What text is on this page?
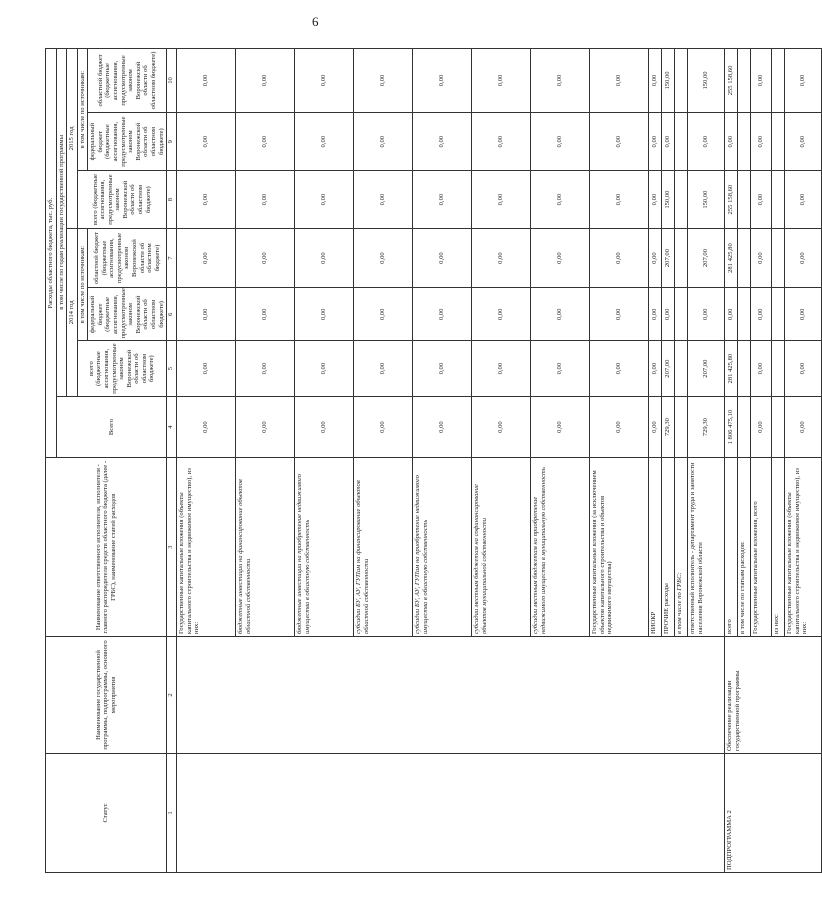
6
Статус	Наименование государственной программы, подпрограммы, основного мероприятия	Наименование ответственного исполнителя, исполнителя - главного распорядителя средств областного бюджета (далее - ГРБС), наименование статей расходов	Расходы областного бюджета, тыс. руб.						
			Всего	в том числе по годам реализации государственной программы					
				2014 год			2015 год		
				всего (бюджетные ассигнования, предусмотренные законом Воронежской области об областном бюджете)	в том числе по источникам:		всего (бюджетные ассигнования, предусмотренные законом Воронежской области об областном бюджете)	в том числе по источникам:	
					федеральный бюджет (бюджетные ассигнования, предусмотренные законом Воронежской области об областном бюджете)	областной бюджет (бюджетные ассигнования, предусмотренные законом Воронежской области об областном бюджете)		федеральный бюджет (бюджетные ассигнования, предусмотренные законом Воронежской области об областном бюджете)	областной бюджет (бюджетные ассигнования, предусмотренные законом Воронежской области об областном бюджете)

1	2	3	4	5	6	7	8	9	10
		Государственные капитальные вложения (объекты капитального строительства и недвижимое имущество), из них:	0,00	0,00	0,00	0,00	0,00	0,00	0,00
		бюджетные инвестиции на финансирование объектов областной собственности	0,00	0,00	0,00	0,00	0,00	0,00	0,00
		бюджетные инвестиции на приобретение недвижимого имущества в областную собственность	0,00	0,00	0,00	0,00	0,00	0,00	0,00
		субсидии БУ, АУ, ГУПам на финансирование объектов областной собственности	0,00	0,00	0,00	0,00	0,00	0,00	0,00
		субсидии БУ, АУ, ГУПам на приобретение недвижимого имущества в областную собственность	0,00	0,00	0,00	0,00	0,00	0,00	0,00
		субсидии местным бюджетам на софинансирование объектов муниципальной собственности	0,00	0,00	0,00	0,00	0,00	0,00	0,00
		субсидии местным бюджетам на приобретение недвижимого имущества в муниципальную собственность	0,00	0,00	0,00	0,00	0,00	0,00	0,00
		Государственные капитальные вложения (за исключением объектов капитального строительства и объектов недвижимого имущества)	0,00	0,00	0,00	0,00	0,00	0,00	0,00
		НИОКР	0,00	0,00	0,00	0,00	0,00	0,00	0,00
		ПРОЧИЕ расходы	729,30	207,00	0,00	207,00	150,00	0,00	150,00
		в том числе по ГРБС:							
		ответственный исполнитель - департамент труда и занятости населения Воронежской области	729,30	207,00	0,00	207,00	150,00	0,00	150,00
ПОДПРОГРАММА 2	Обеспечение реализации государственной программы	всего	1 806 475,10	281 425,80	0,00	281 425,80	255 158,60	0,00	255 158,60
		в том числе по статьям расходов:							
		Государственные капитальные вложения, всего	0,00	0,00	0,00	0,00	0,00	0,00	0,00
		из них:							
		Государственные капитальные вложения (объекты капитального строительства и недвижимое имущество), из них:	0,00	0,00	0,00	0,00	0,00	0,00	0,00
